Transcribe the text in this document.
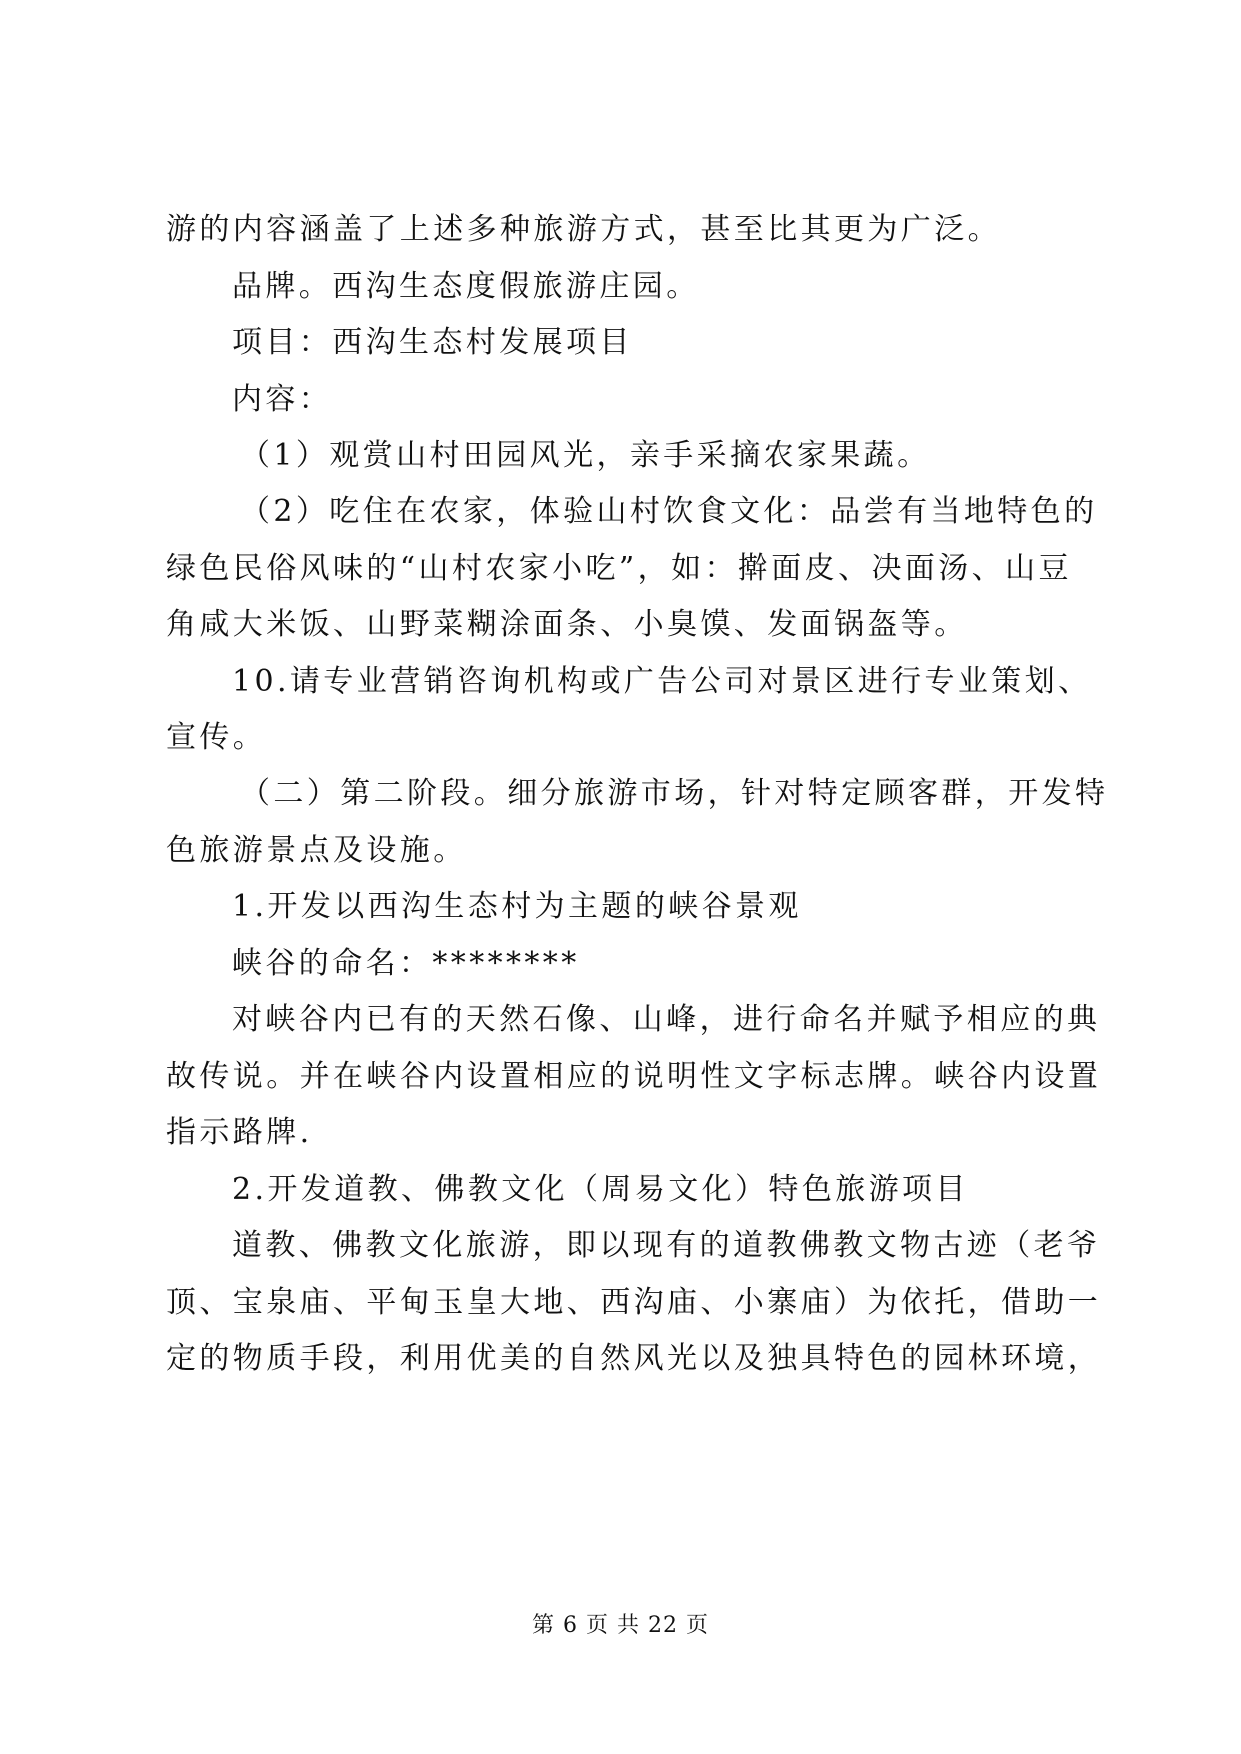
游的内容涵盖了上述多种旅游方式，甚至比其更为广泛。
品牌。西沟生态度假旅游庄园。
项目：西沟生态村发展项目
内容：
（1）观赏山村田园风光，亲手采摘农家果蔬。
（2）吃住在农家，体验山村饮食文化：品尝有当地特色的
绿色民俗风味的“山村农家小吃”，如：擀面皮、决面汤、山豆
角咸大米饭、山野菜糊涂面条、小臭馍、发面锅盔等。
10.请专业营销咨询机构或广告公司对景区进行专业策划、
宣传。
（二）第二阶段。细分旅游市场，针对特定顾客群，开发特
色旅游景点及设施。
1.开发以西沟生态村为主题的峡谷景观
峡谷的命名：********
对峡谷内已有的天然石像、山峰，进行命名并赋予相应的典
故传说。并在峡谷内设置相应的说明性文字标志牌。峡谷内设置
指示路牌.
2.开发道教、佛教文化（周易文化）特色旅游项目
道教、佛教文化旅游，即以现有的道教佛教文物古迹（老爷
顶、宝泉庙、平甸玉皇大地、西沟庙、小寨庙）为依托，借助一
定的物质手段，利用优美的自然风光以及独具特色的园林环境，
第 6 页 共 22 页
